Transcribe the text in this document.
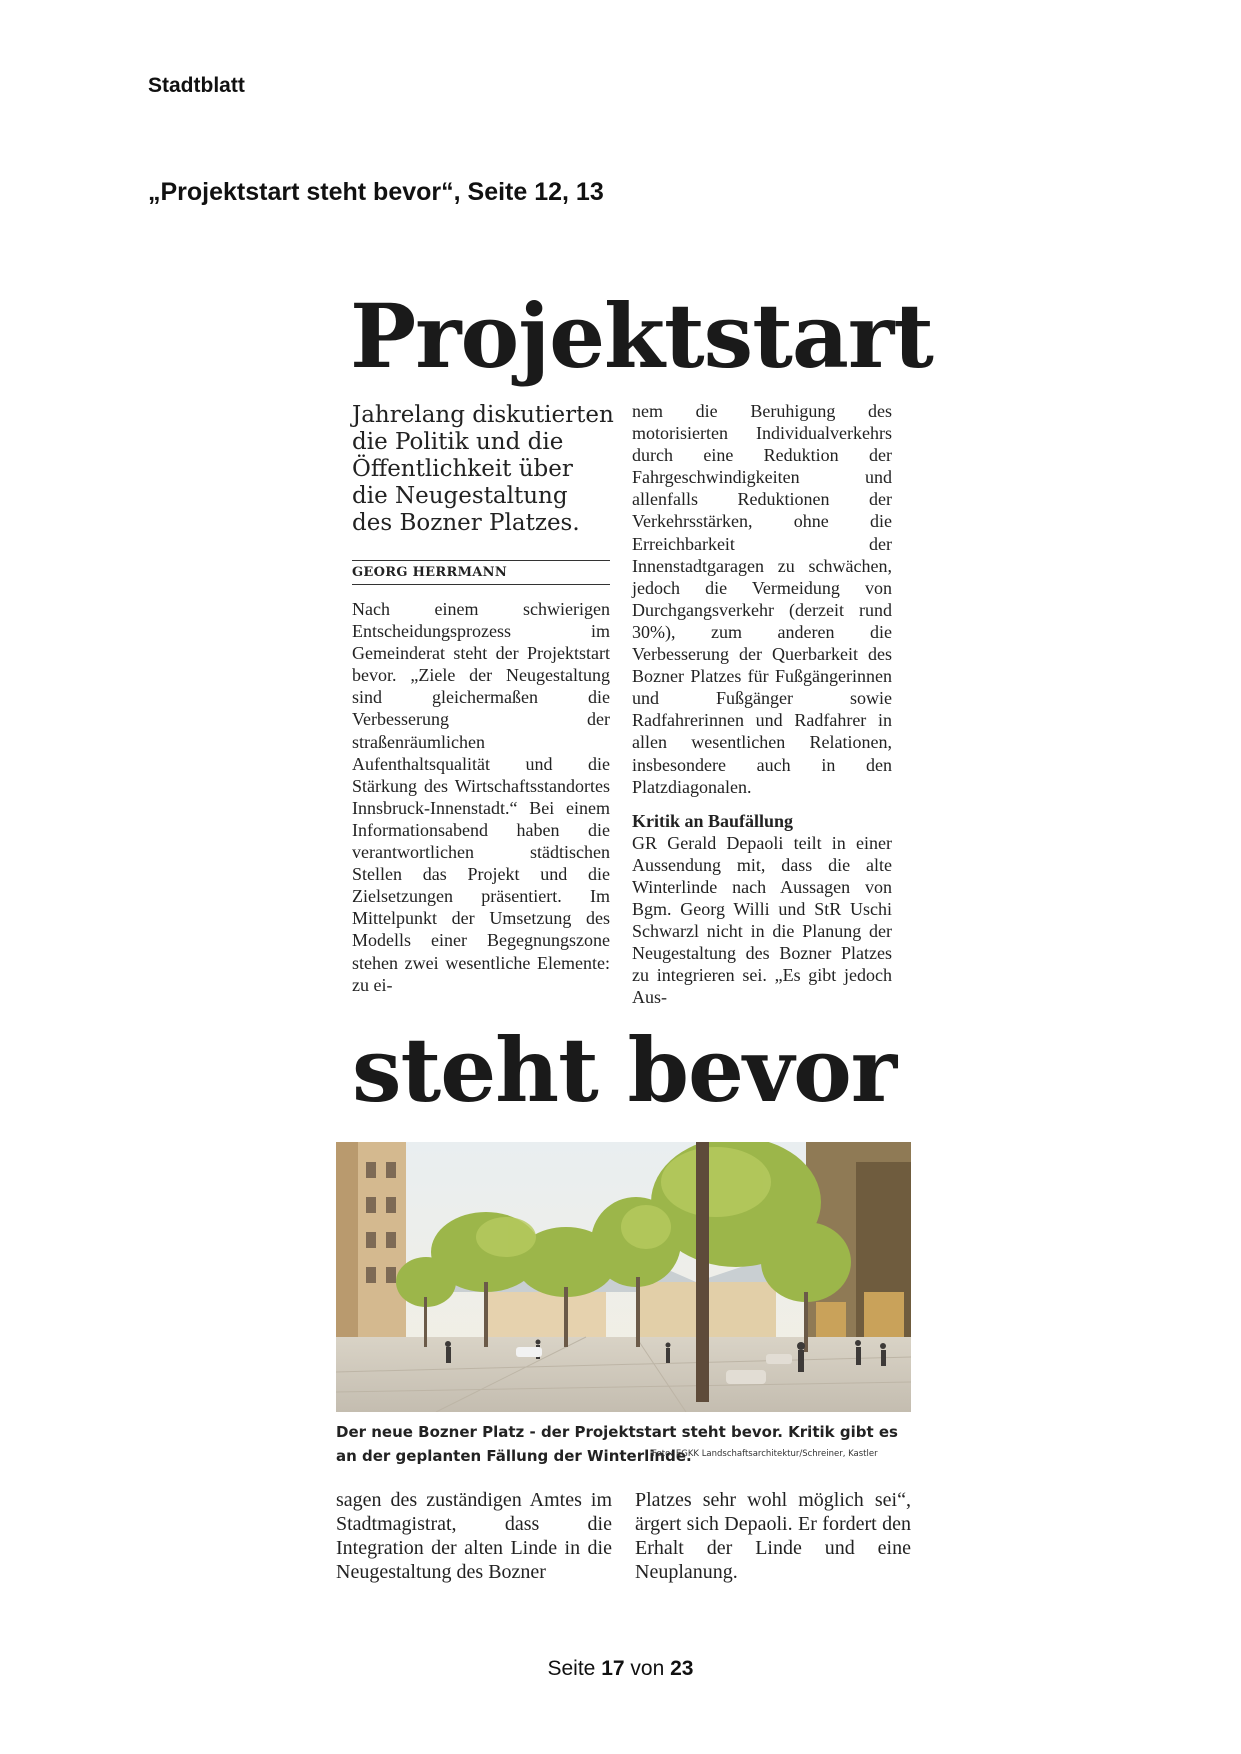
Stadtblatt
„Projektstart steht bevor“, Seite 12, 13
Projektstart
Jahrelang diskutierten die Politik und die Öffentlichkeit über die Neugestaltung des Bozner Platzes.
GEORG HERRMANN
Nach einem schwierigen Entscheidungsprozess im Gemeinderat steht der Projektstart bevor. „Ziele der Neugestaltung sind gleichermaßen die Verbesserung der straßenräumlichen Aufenthaltsqualität und die Stärkung des Wirtschaftsstandortes Innsbruck-Innenstadt.“ Bei einem Informationsabend haben die verantwortlichen städtischen Stellen das Projekt und die Zielsetzungen präsentiert. Im Mittelpunkt der Umsetzung des Modells einer Begegnungszone stehen zwei wesentliche Elemente: zu ei-

nem die Beruhigung des motorisierten Individualverkehrs durch eine Reduktion der Fahrgeschwindigkeiten und allenfalls Reduktionen der Verkehrsstärken, ohne die Erreichbarkeit der Innenstadtgaragen zu schwächen, jedoch die Vermeidung von Durchgangsverkehr (derzeit rund 30%), zum anderen die Verbesserung der Querbarkeit des Bozner Platzes für Fußgängerinnen und Fußgänger sowie Radfahrerinnen und Radfahrer in allen wesentlichen Relationen, insbesondere auch in den Platzdiagonalen.

Kritik an Baufällung

GR Gerald Depaoli teilt in einer Aussendung mit, dass die alte Winterlinde nach Aussagen von Bgm. Georg Willi und StR Uschi Schwarzl nicht in die Planung der Neugestaltung des Bozner Platzes zu integrieren sei. „Es gibt jedoch Aus-

steht bevor
Der neue Bozner Platz - der Projektstart steht bevor. Kritik gibt es an der geplanten Fällung der Winterlinde.
Foto: EGKK Landschaftsarchitektur/Schreiner, Kastler
sagen des zuständigen Amtes im Stadtmagistrat, dass die Integration der alten Linde in die Neugestaltung des Bozner
Platzes sehr wohl möglich sei“, ärgert sich Depaoli. Er fordert den Erhalt der Linde und eine Neuplanung.
Seite 17 von 23
